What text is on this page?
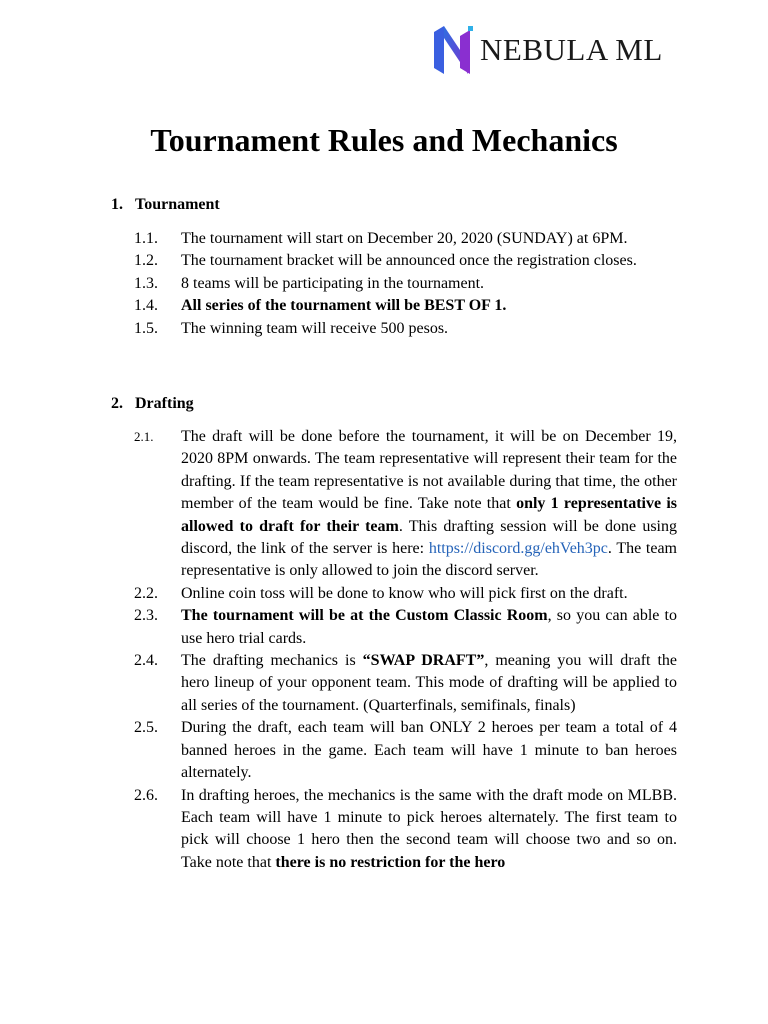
NEBULA ML
Tournament Rules and Mechanics

1. Tournament

1.1.	The tournament will start on December 20, 2020 (SUNDAY) at 6PM.
1.2.	The tournament bracket will be announced once the registration closes.
1.3.	8 teams will be participating in the tournament.
1.4.	All series of the tournament will be BEST OF 1.
1.5.	The winning team will receive 500 pesos.

2. Drafting

2.1.	The draft will be done before the tournament, it will be on December 19, 2020 8PM onwards. The team representative will represent their team for the drafting. If the team representative is not available during that time, the other member of the team would be fine. Take note that only 1 representative is allowed to draft for their team. This drafting session will be done using discord, the link of the server is here: https://discord.gg/ehVeh3pc. The team representative is only allowed to join the discord server.
2.2.	Online coin toss will be done to know who will pick first on the draft.
2.3.	The tournament will be at the Custom Classic Room, so you can able to use hero trial cards.
2.4.	The drafting mechanics is “SWAP DRAFT”, meaning you will draft the hero lineup of your opponent team. This mode of drafting will be applied to all series of the tournament. (Quarterfinals, semifinals, finals)
2.5.	During the draft, each team will ban ONLY 2 heroes per team a total of 4 banned heroes in the game. Each team will have 1 minute to ban heroes alternately.
2.6.	In drafting heroes, the mechanics is the same with the draft mode on MLBB. Each team will have 1 minute to pick heroes alternately. The first team to pick will choose 1 hero then the second team will choose two and so on. Take note that there is no restriction for the hero
